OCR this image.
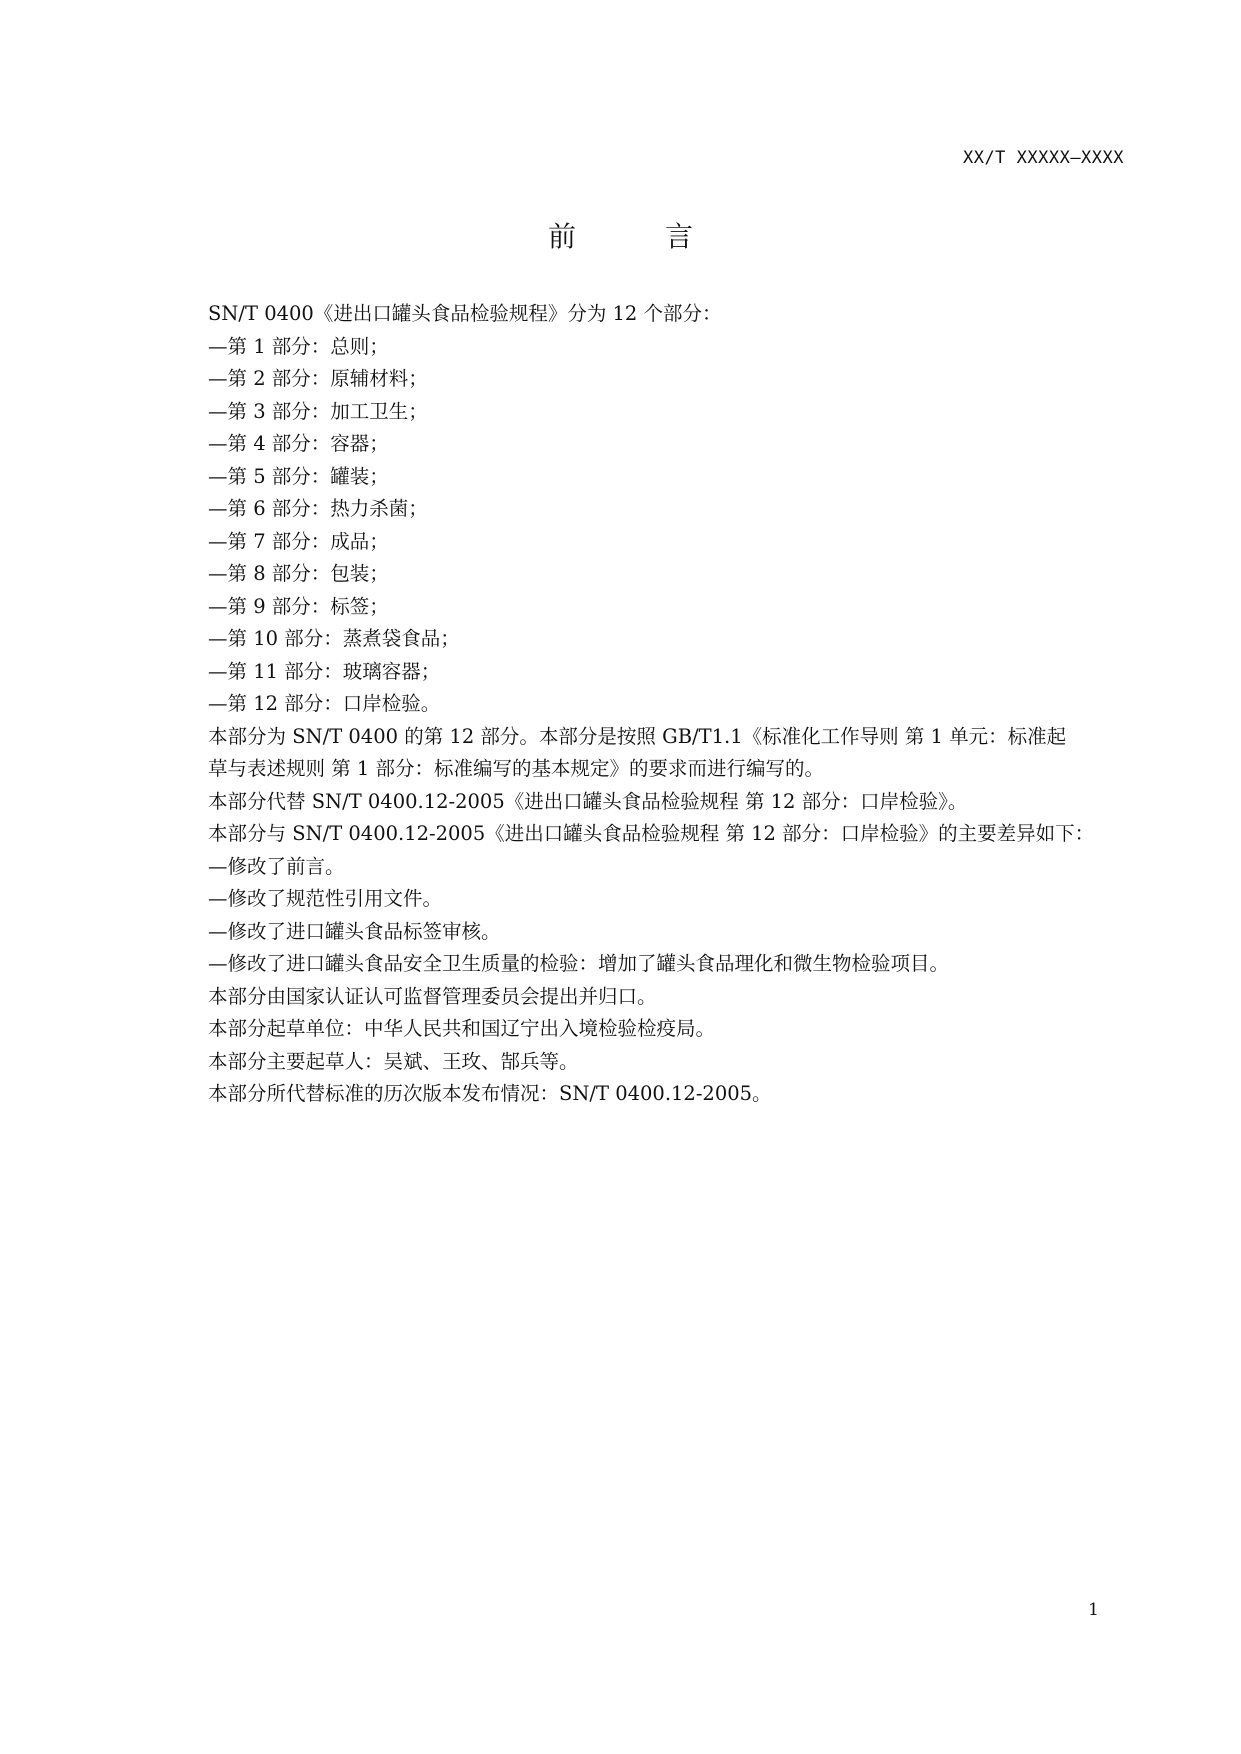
XX/T XXXXX—XXXX
前 言
SN/T 0400《进出口罐头食品检验规程》分为 12 个部分：
—第 1 部分：总则；
—第 2 部分：原辅材料；
—第 3 部分：加工卫生；
—第 4 部分：容器；
—第 5 部分：罐装；
—第 6 部分：热力杀菌；
—第 7 部分：成品；
—第 8 部分：包装；
—第 9 部分：标签；
—第 10 部分：蒸煮袋食品；
—第 11 部分：玻璃容器；
—第 12 部分：口岸检验。
本部分为 SN/T 0400 的第 12 部分。本部分是按照 GB/T1.1《标准化工作导则 第 1 单元：标准起
草与表述规则 第 1 部分：标准编写的基本规定》的要求而进行编写的。
本部分代替 SN/T 0400.12-2005《进出口罐头食品检验规程 第 12 部分：口岸检验》。
本部分与 SN/T 0400.12-2005《进出口罐头食品检验规程 第 12 部分：口岸检验》的主要差异如下：
—修改了前言。
—修改了规范性引用文件。
—修改了进口罐头食品标签审核。
—修改了进口罐头食品安全卫生质量的检验：增加了罐头食品理化和微生物检验项目。
本部分由国家认证认可监督管理委员会提出并归口。
本部分起草单位：中华人民共和国辽宁出入境检验检疫局。
本部分主要起草人：吴斌、王玫、郜兵等。
本部分所代替标准的历次版本发布情况：SN/T 0400.12-2005。
1
